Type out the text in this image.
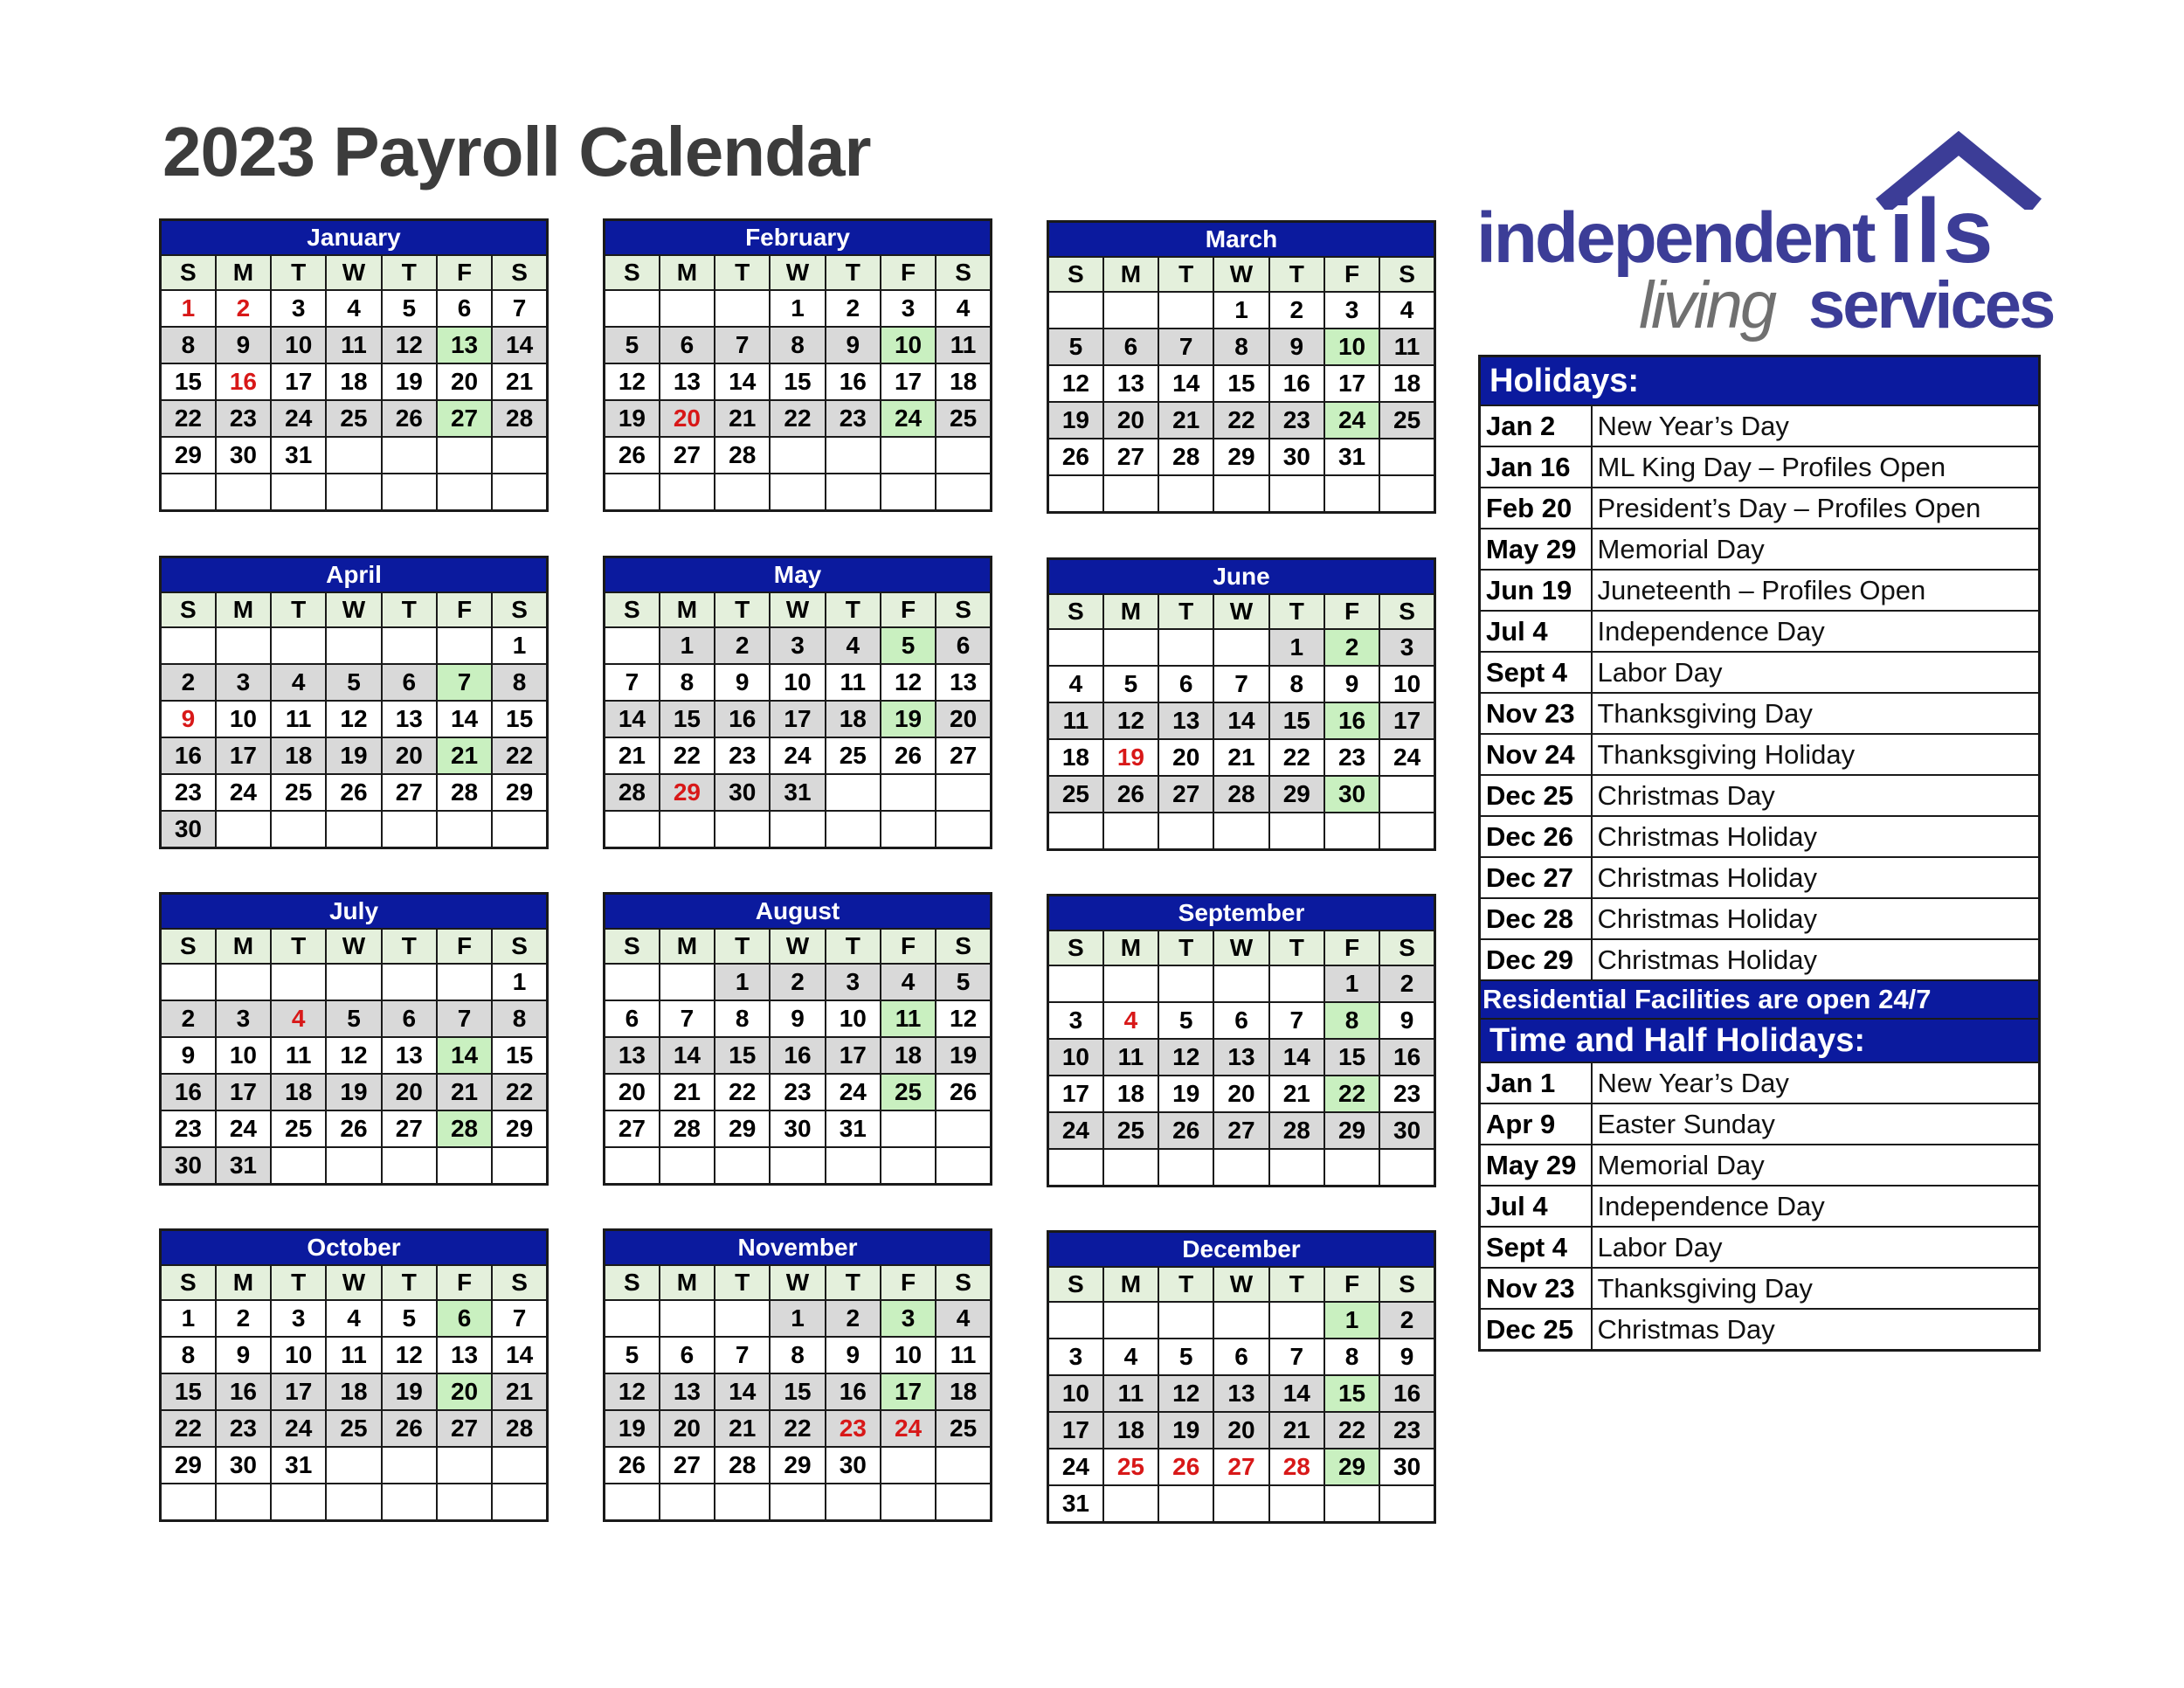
2023 Payroll Calendar
January						
S	M	T	W	T	F	S
1	2	3	4	5	6	7
8	9	10	11	12	13	14
15	16	17	18	19	20	21
22	23	24	25	26	27	28
29	30	31				

February						
S	M	T	W	T	F	S
			1	2	3	4
5	6	7	8	9	10	11
12	13	14	15	16	17	18
19	20	21	22	23	24	25
26	27	28				

March						
S	M	T	W	T	F	S
			1	2	3	4
5	6	7	8	9	10	11
12	13	14	15	16	17	18
19	20	21	22	23	24	25
26	27	28	29	30	31	

April						
S	M	T	W	T	F	S
						1
2	3	4	5	6	7	8
9	10	11	12	13	14	15
16	17	18	19	20	21	22
23	24	25	26	27	28	29
30						
May						
S	M	T	W	T	F	S
	1	2	3	4	5	6
7	8	9	10	11	12	13
14	15	16	17	18	19	20
21	22	23	24	25	26	27
28	29	30	31			

June						
S	M	T	W	T	F	S
				1	2	3
4	5	6	7	8	9	10
11	12	13	14	15	16	17
18	19	20	21	22	23	24
25	26	27	28	29	30	

July						
S	M	T	W	T	F	S
						1
2	3	4	5	6	7	8
9	10	11	12	13	14	15
16	17	18	19	20	21	22
23	24	25	26	27	28	29
30	31					
August						
S	M	T	W	T	F	S
		1	2	3	4	5
6	7	8	9	10	11	12
13	14	15	16	17	18	19
20	21	22	23	24	25	26
27	28	29	30	31		

September						
S	M	T	W	T	F	S
					1	2
3	4	5	6	7	8	9
10	11	12	13	14	15	16
17	18	19	20	21	22	23
24	25	26	27	28	29	30

October						
S	M	T	W	T	F	S
1	2	3	4	5	6	7
8	9	10	11	12	13	14
15	16	17	18	19	20	21
22	23	24	25	26	27	28
29	30	31				

November						
S	M	T	W	T	F	S
			1	2	3	4
5	6	7	8	9	10	11
12	13	14	15	16	17	18
19	20	21	22	23	24	25
26	27	28	29	30		

December						
S	M	T	W	T	F	S
					1	2
3	4	5	6	7	8	9
10	11	12	13	14	15	16
17	18	19	20	21	22	23
24	25	26	27	28	29	30
31						
ils
independent
living services
Holidays:	
Jan 2	New Year’s Day
Jan 16	ML King Day – Profiles Open
Feb 20	President’s Day – Profiles Open
May 29	Memorial Day
Jun 19	Juneteenth – Profiles Open
Jul 4	Independence Day
Sept 4	Labor Day
Nov 23	Thanksgiving Day
Nov 24	Thanksgiving Holiday
Dec 25	Christmas Day
Dec 26	Christmas Holiday
Dec 27	Christmas Holiday
Dec 28	Christmas Holiday
Dec 29	Christmas Holiday
Residential Facilities are open 24/7	
Time and Half Holidays:	
Jan 1	New Year’s Day
Apr 9	Easter Sunday
May 29	Memorial Day
Jul 4	Independence Day
Sept 4	Labor Day
Nov 23	Thanksgiving Day
Dec 25	Christmas Day
